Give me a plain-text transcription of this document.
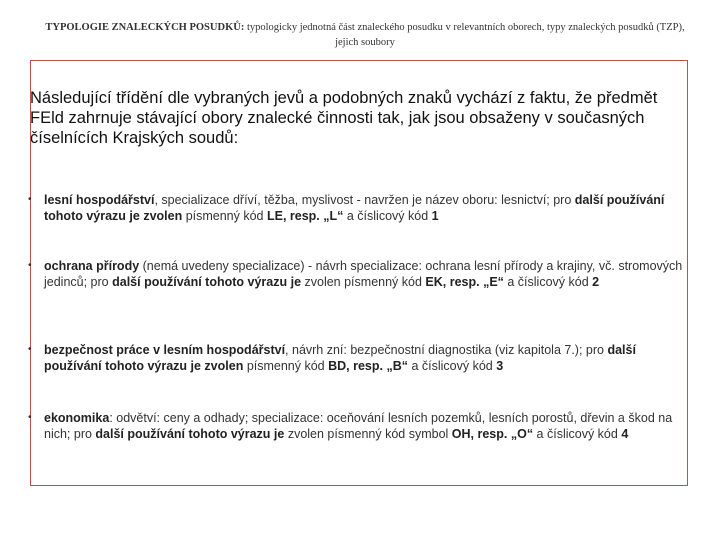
TYPOLOGIE ZNALECKÝCH POSUDKŮ: typologicky jednotná část znaleckého posudku v relevantních oborech, typy znaleckých posudků (TZP), jejich soubory
Následující třídění dle vybraných jevů a podobných znaků vychází z faktu, že předmět FEld zahrnuje stávající obory znalecké činnosti tak, jak jsou obsaženy v současných číselnících Krajských soudů:
• lesní hospodářství, specializace dříví, těžba, myslivost - navržen je název oboru: lesnictví; pro další používání tohoto výrazu je zvolen písmenný kód LE, resp. „L“ a číslicový kód 1
• ochrana přírody (nemá uvedeny specializace) - návrh specializace: ochrana lesní přírody a krajiny, vč. stromových jedinců; pro další používání tohoto výrazu je zvolen písmenný kód EK, resp. „E“ a číslicový kód 2
• bezpečnost práce v lesním hospodářství, návrh zní: bezpečnostní diagnostika (viz kapitola 7.); pro další používání tohoto výrazu je zvolen písmenný kód BD, resp. „B“ a číslicový kód 3
• ekonomika: odvětví: ceny a odhady; specializace: oceňování lesních pozemků, lesních porostů, dřevin a škod na nich; pro další používání tohoto výrazu je zvolen písmenný kód symbol OH, resp. „O“ a číslicový kód 4
